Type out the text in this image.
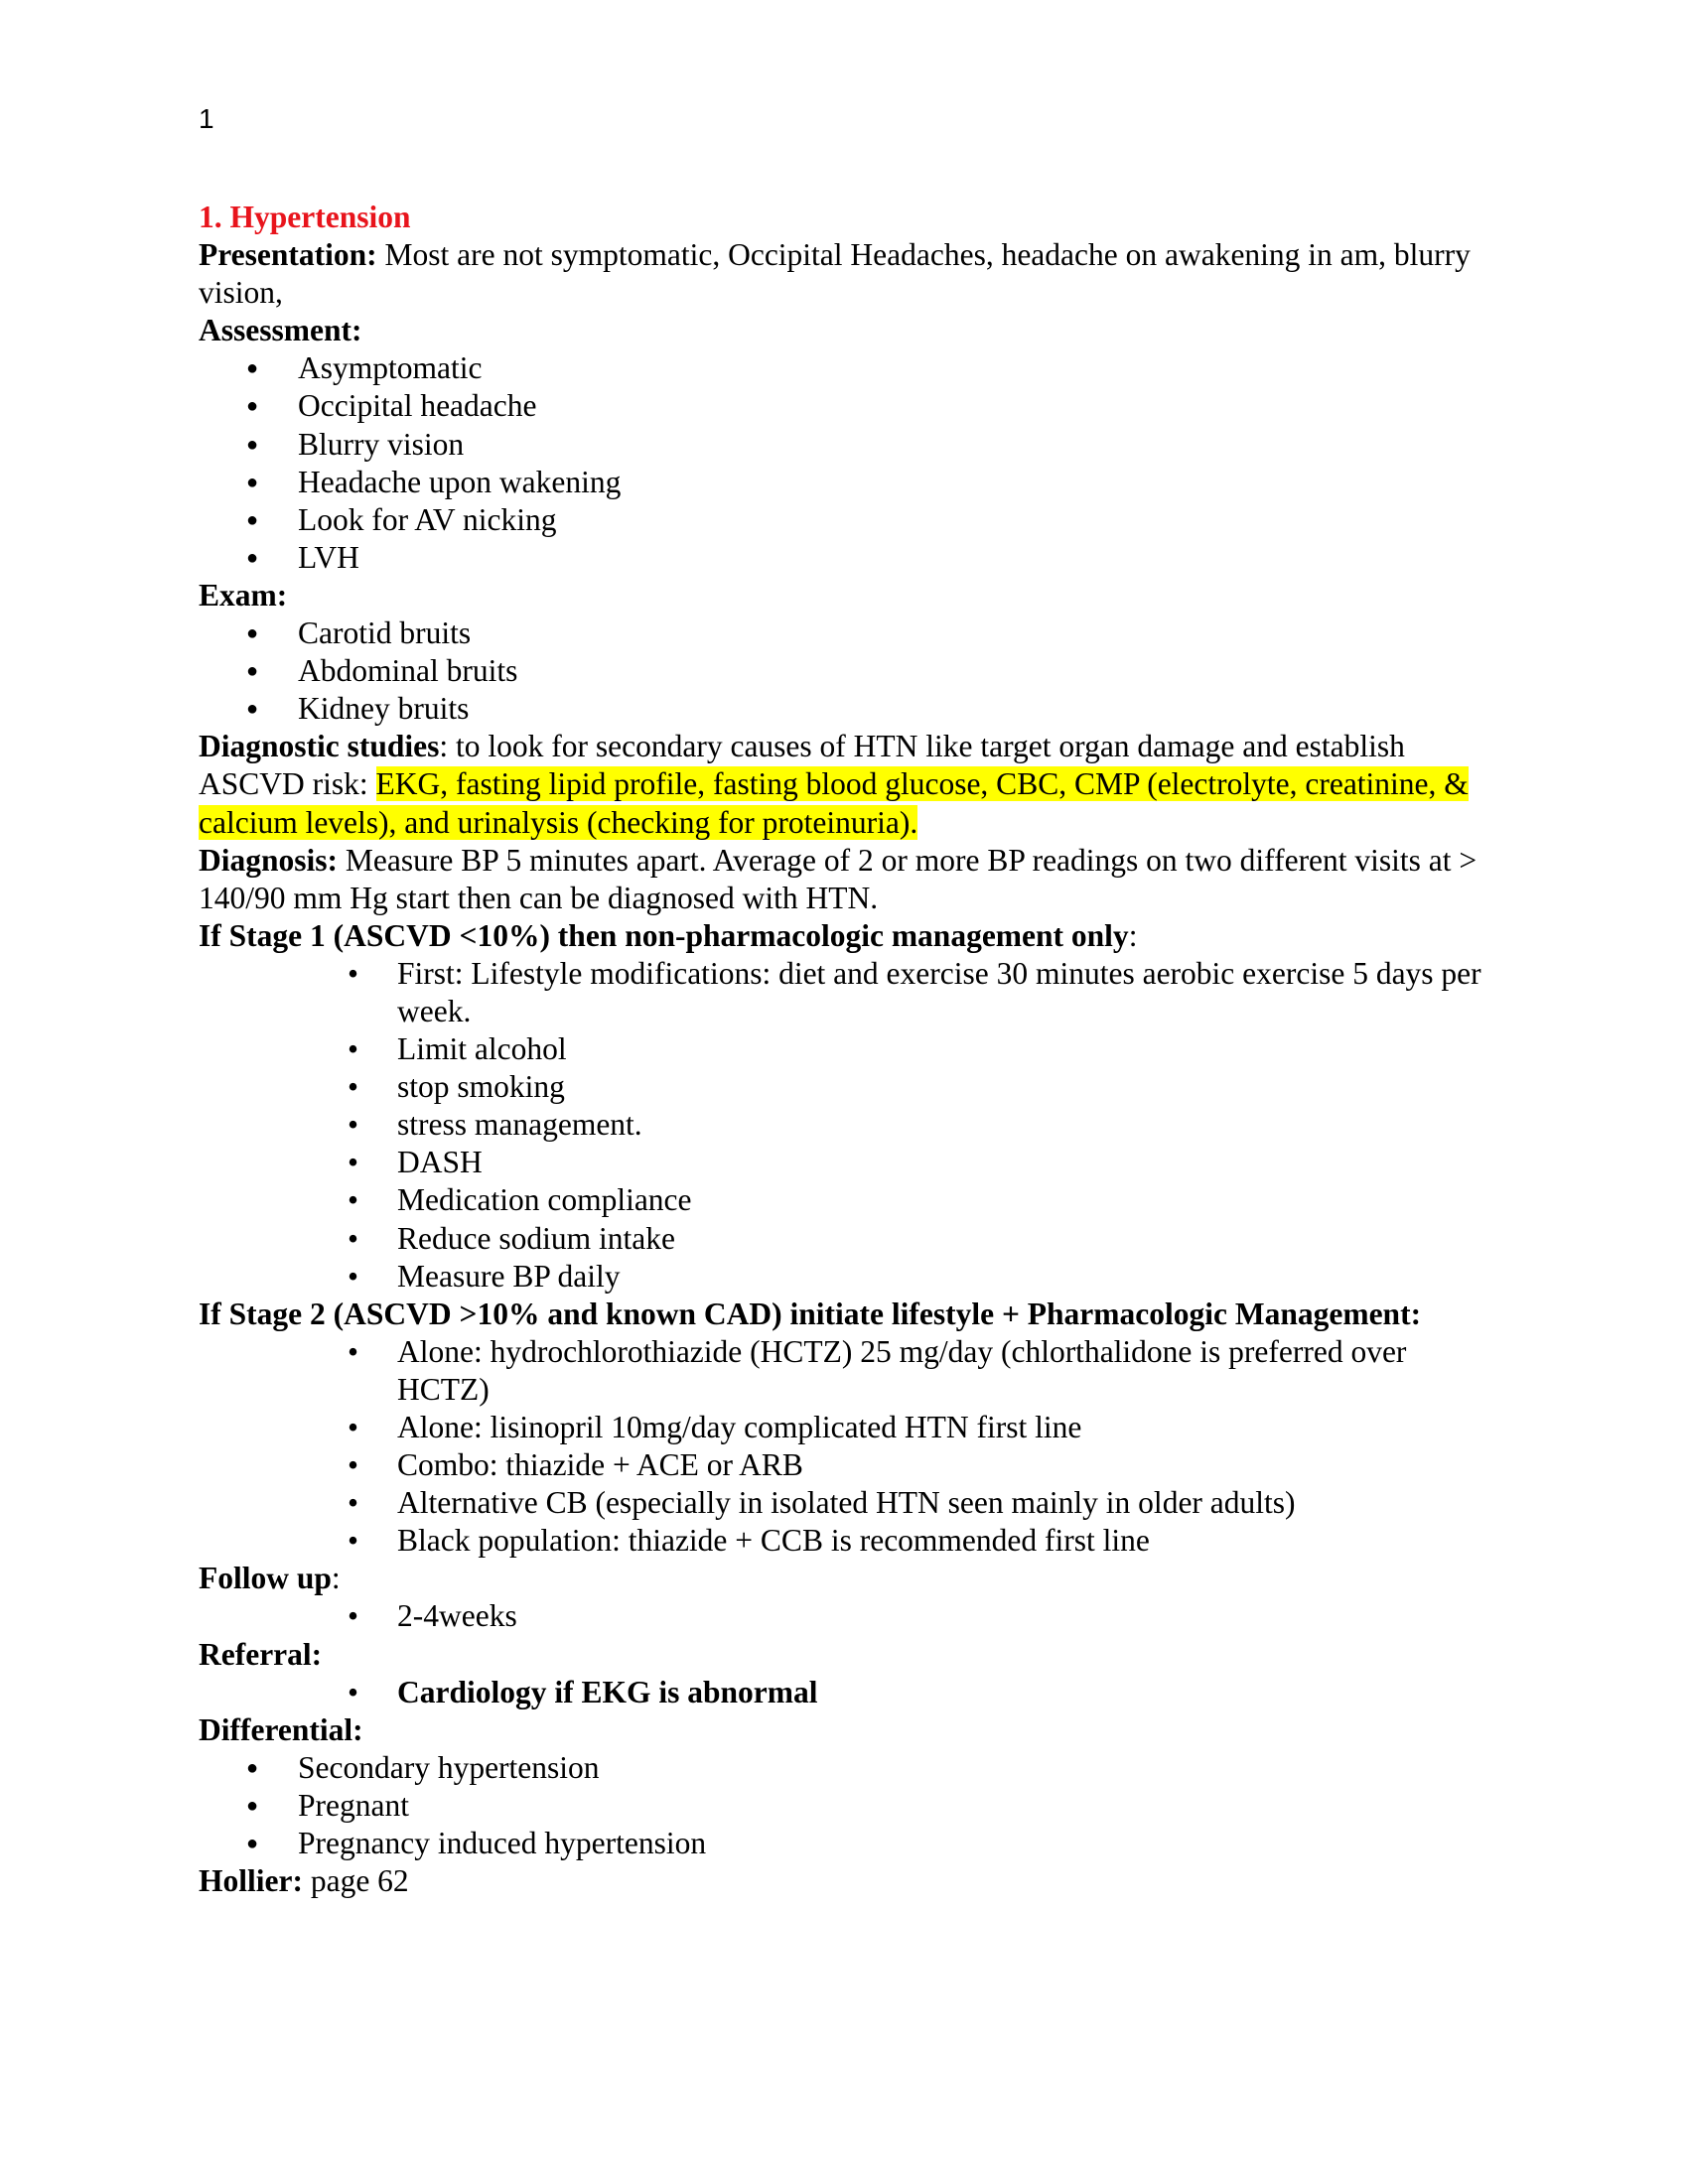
1

1. Hypertension

Presentation: Most are not symptomatic, Occipital Headaches, headache on awakening in am, blurry vision,

Assessment:

● Asymptomatic
● Occipital headache
● Blurry vision
● Headache upon wakening
● Look for AV nicking
● LVH

Exam:

● Carotid bruits
● Abdominal bruits
● Kidney bruits

Diagnostic studies: to look for secondary causes of HTN like target organ damage and establish ASCVD risk: EKG, fasting lipid profile, fasting blood glucose, CBC, CMP (electrolyte, creatinine, & calcium levels), and urinalysis (checking for proteinuria).

Diagnosis: Measure BP 5 minutes apart. Average of 2 or more BP readings on two different visits at > 140/90 mm Hg start then can be diagnosed with HTN.

If Stage 1 (ASCVD <10%) then non-pharmacologic management only:

• First: Lifestyle modifications: diet and exercise 30 minutes aerobic exercise 5 days per week.
• Limit alcohol
• stop smoking
• stress management.
• DASH
• Medication compliance
• Reduce sodium intake
• Measure BP daily

If Stage 2 (ASCVD >10% and known CAD) initiate lifestyle + Pharmacologic Management:

• Alone: hydrochlorothiazide (HCTZ) 25 mg/day (chlorthalidone is preferred over HCTZ)
• Alone: lisinopril 10mg/day complicated HTN first line
• Combo: thiazide + ACE or ARB
• Alternative CB (especially in isolated HTN seen mainly in older adults)
• Black population: thiazide + CCB is recommended first line

Follow up:

• 2-4weeks

Referral:

• Cardiology if EKG is abnormal

Differential:

● Secondary hypertension
● Pregnant
● Pregnancy induced hypertension

Hollier: page 62
